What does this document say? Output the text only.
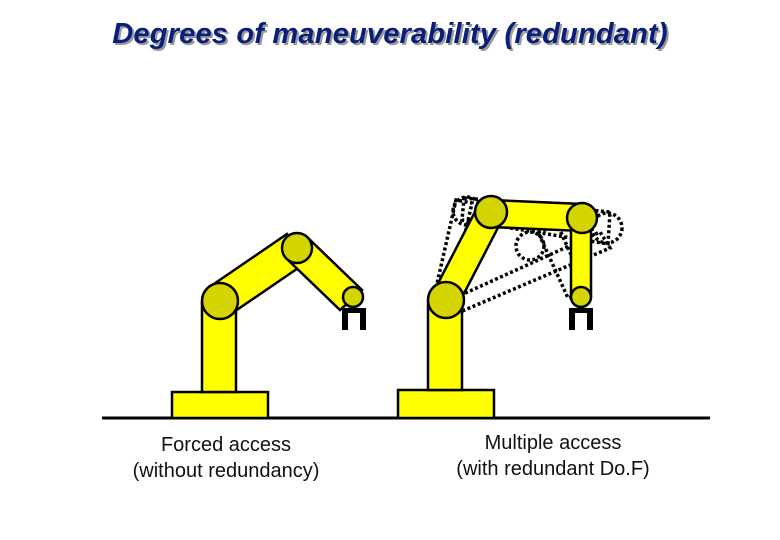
Degrees of maneuverability (redundant)
Forced access
(without redundancy)
Multiple access
(with redundant Do.F)
